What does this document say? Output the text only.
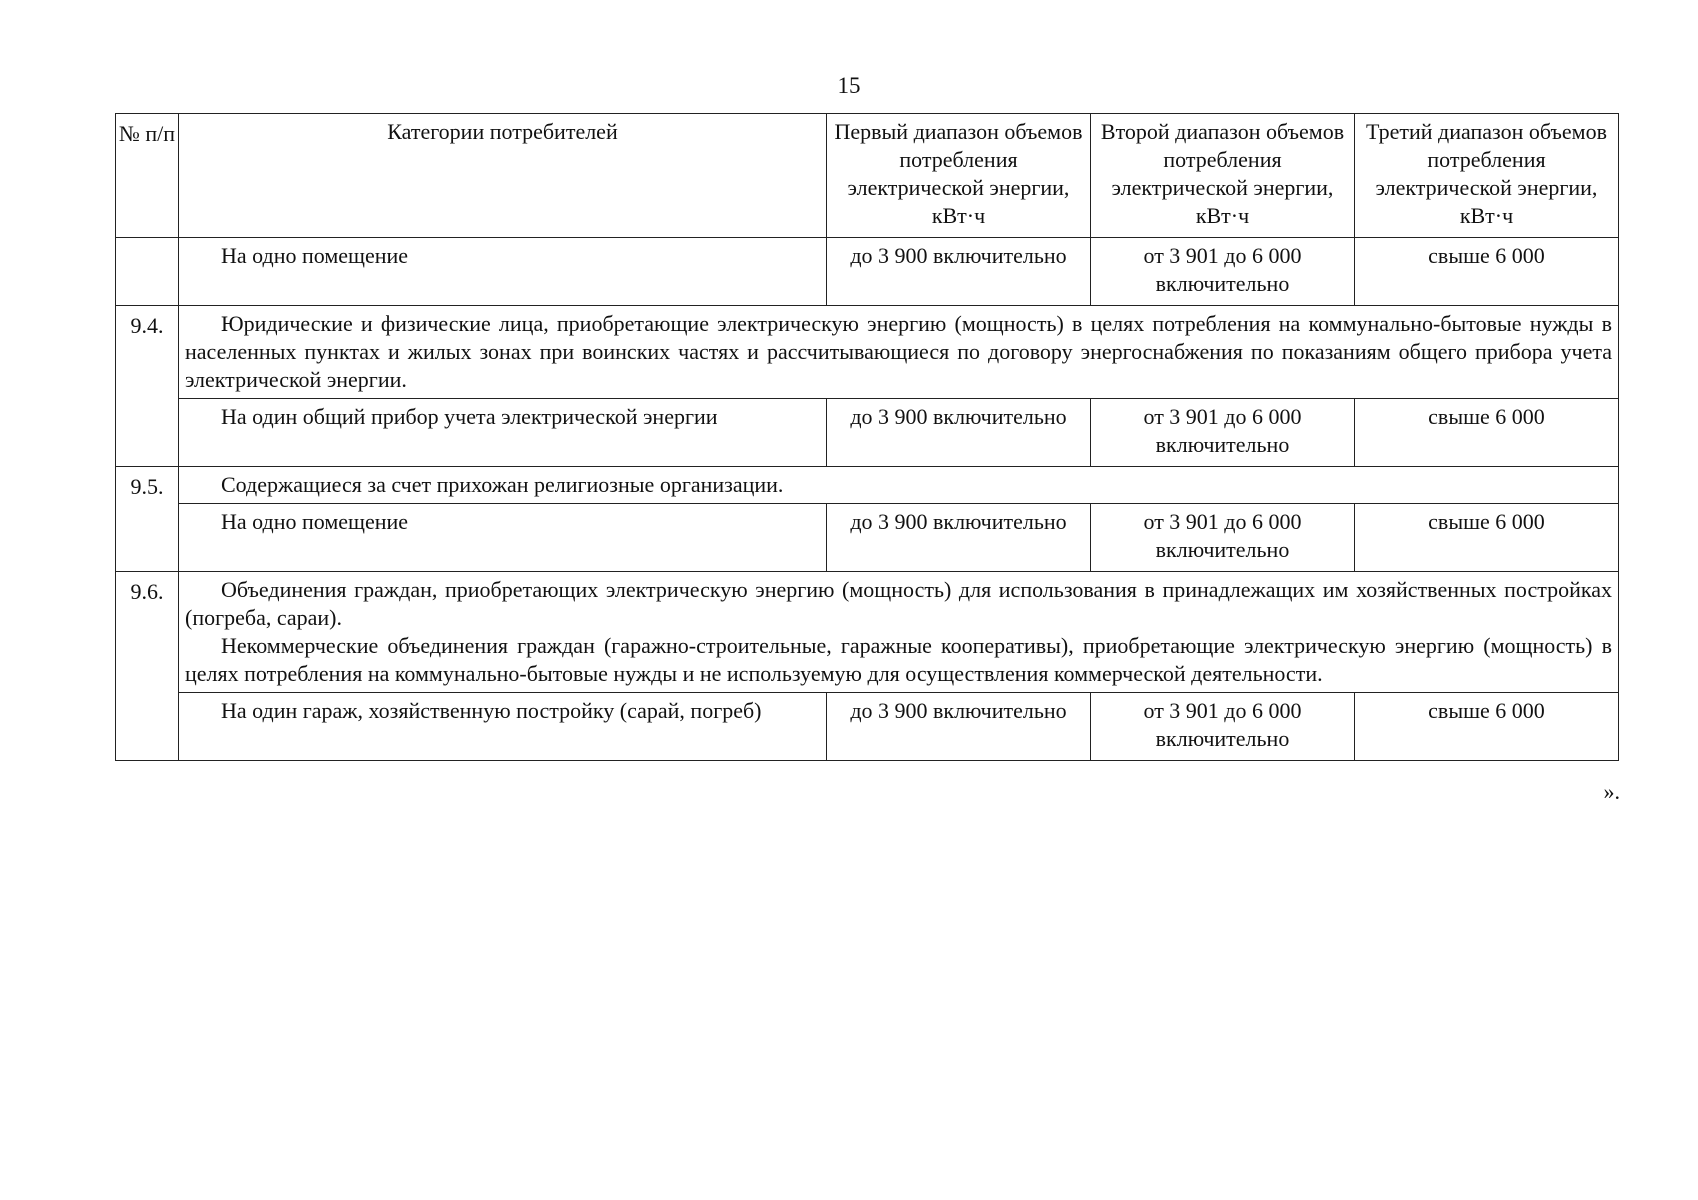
15
№ п/п	Категории потребителей	Первый диапазон объемов потребления электрической энергии, кВт·ч	Второй диапазон объемов потребления электрической энергии, кВт·ч	Третий диапазон объемов потребления электрической энергии, кВт·ч
	На одно помещение	до 3 900 включительно	от 3 901 до 6 000 включительно	свыше 6 000
9.4.	Юридические и физические лица, приобретающие электрическую энергию (мощность) в целях потребления на коммунально-бытовые нужды в населенных пунктах и жилых зонах при воинских частях и рассчитывающиеся по договору энергоснабжения по показаниям общего прибора учета электрической энергии.			
	На один общий прибор учета электрической энергии	до 3 900 включительно	от 3 901 до 6 000 включительно	свыше 6 000
9.5.	Содержащиеся за счет прихожан религиозные организации.			
	На одно помещение	до 3 900 включительно	от 3 901 до 6 000 включительно	свыше 6 000
9.6.	Объединения граждан, приобретающих электрическую энергию (мощность) для использования в принадлежащих им хозяйственных постройках (погреба, сараи).

Некоммерческие объединения граждан (гаражно-строительные, гаражные кооперативы), приобретающие электрическую энергию (мощность) в целях потребления на коммунально-бытовые нужды и не используемую для осуществления коммерческой деятельности.			

	На один гараж, хозяйственную постройку (сарай, погреб)	до 3 900 включительно	от 3 901 до 6 000 включительно	свыше 6 000
».
